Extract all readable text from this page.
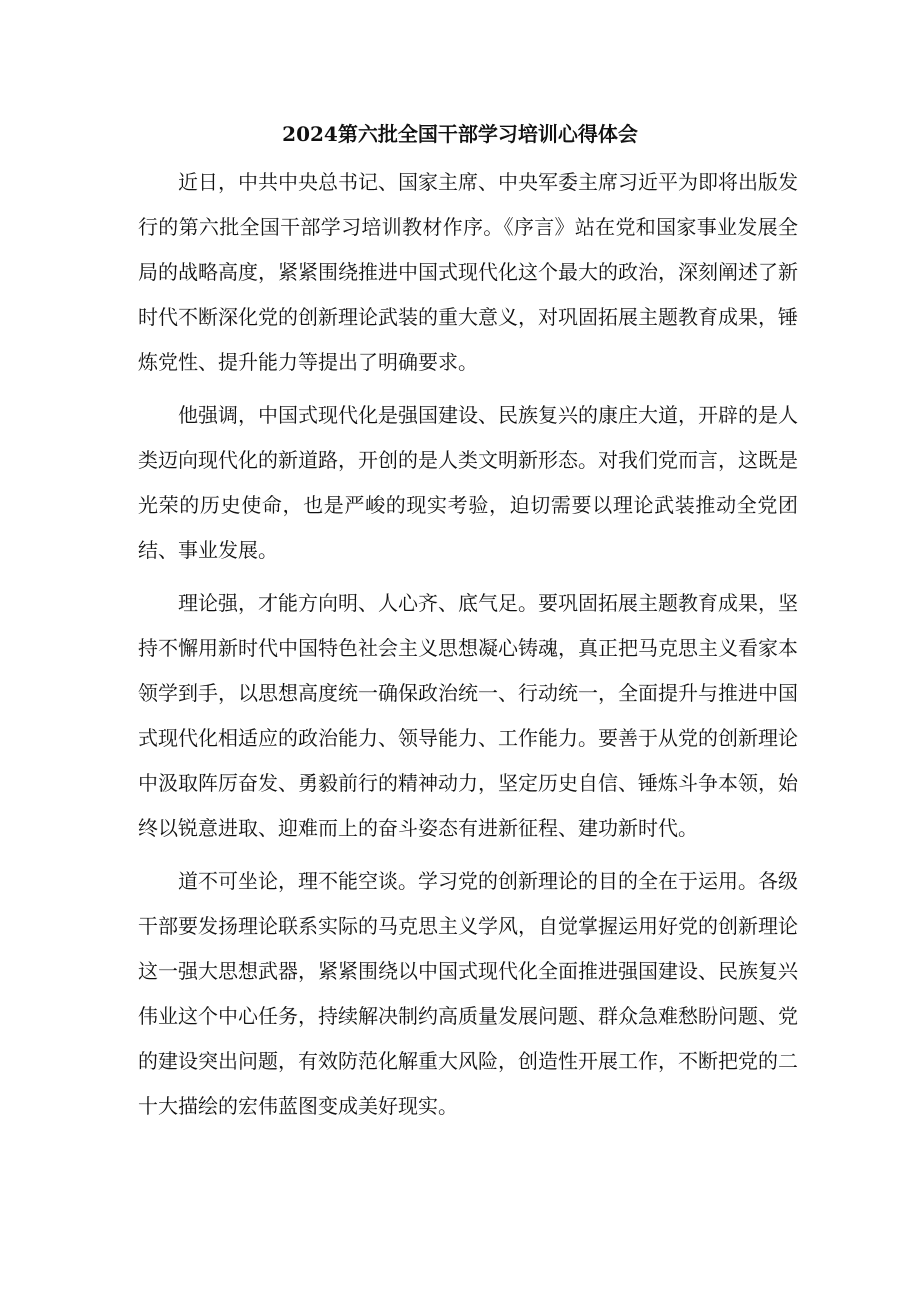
2024第六批全国干部学习培训心得体会

近日，中共中央总书记、国家主席、中央军委主席习近平为即将出版发行的第六批全国干部学习培训教材作序。《序言》站在党和国家事业发展全局的战略高度，紧紧围绕推进中国式现代化这个最大的政治，深刻阐述了新时代不断深化党的创新理论武装的重大意义，对巩固拓展主题教育成果，锤炼党性、提升能力等提出了明确要求。

他强调，中国式现代化是强国建设、民族复兴的康庄大道，开辟的是人类迈向现代化的新道路，开创的是人类文明新形态。对我们党而言，这既是光荣的历史使命，也是严峻的现实考验，迫切需要以理论武装推动全党团结、事业发展。

理论强，才能方向明、人心齐、底气足。要巩固拓展主题教育成果，坚持不懈用新时代中国特色社会主义思想凝心铸魂，真正把马克思主义看家本领学到手，以思想高度统一确保政治统一、行动统一，全面提升与推进中国式现代化相适应的政治能力、领导能力、工作能力。要善于从党的创新理论中汲取阵厉奋发、勇毅前行的精神动力，坚定历史自信、锤炼斗争本领，始终以锐意进取、迎难而上的奋斗姿态有进新征程、建功新时代。

道不可坐论，理不能空谈。学习党的创新理论的目的全在于运用。各级干部要发扬理论联系实际的马克思主义学风，自觉掌握运用好党的创新理论这一强大思想武器，紧紧围绕以中国式现代化全面推进强国建设、民族复兴伟业这个中心任务，持续解决制约高质量发展问题、群众急难愁盼问题、党的建设突出问题，有效防范化解重大风险，创造性开展工作，不断把党的二十大描绘的宏伟蓝图变成美好现实。
